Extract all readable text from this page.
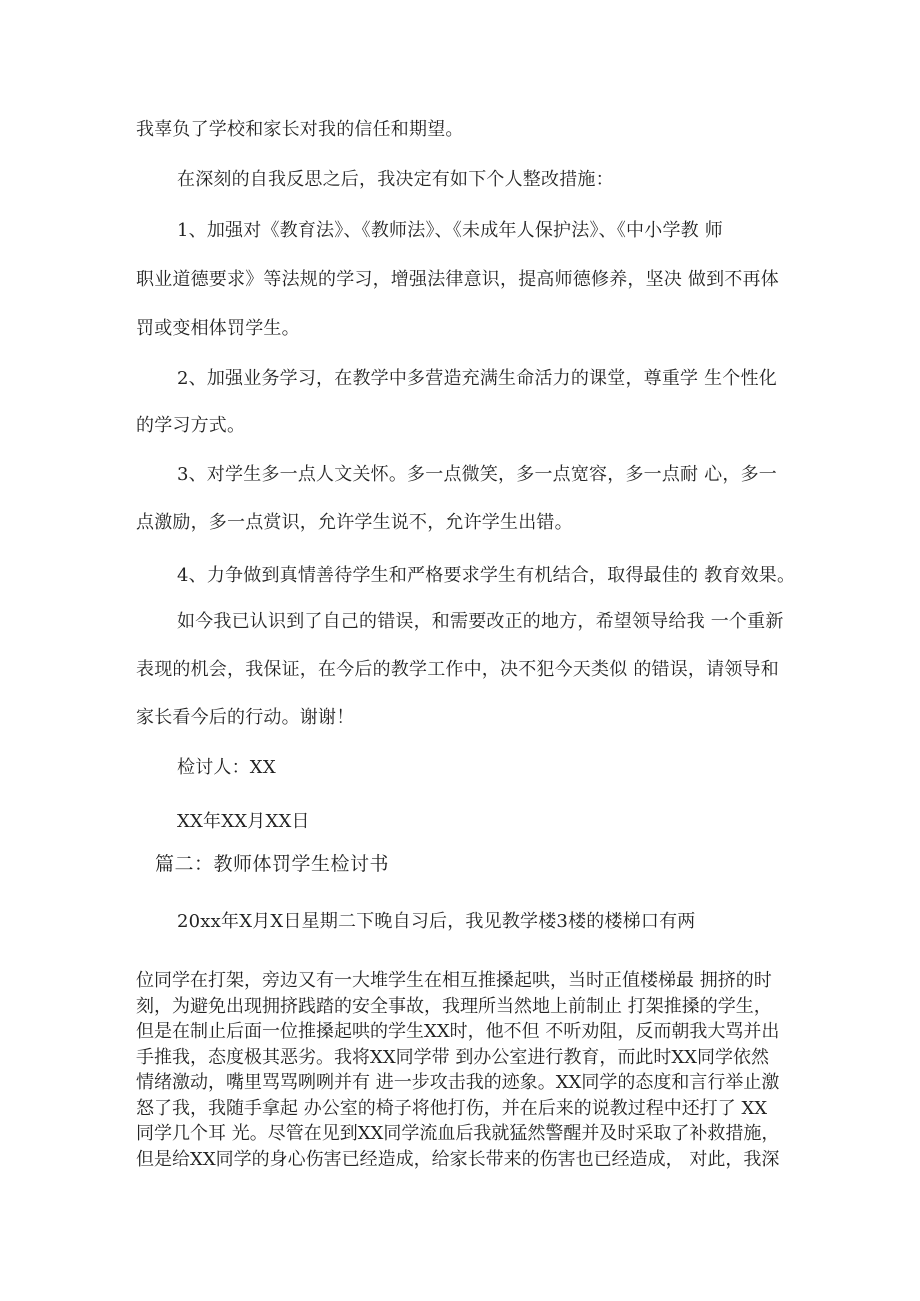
我辜负了学校和家长对我的信任和期望。
在深刻的自我反思之后，我决定有如下个人整改措施：
1、加强对《教育法》、《教师法》、《未成年人保护法》、《中小学教 师
职业道德要求》等法规的学习，增强法律意识，提高师德修养，坚决 做到不再体
罚或变相体罚学生。
2、加强业务学习，在教学中多营造充满生命活力的课堂，尊重学 生个性化
的学习方式。
3、对学生多一点人文关怀。多一点微笑，多一点宽容，多一点耐 心，多一
点激励，多一点赏识，允许学生说不，允许学生出错。
4、力争做到真情善待学生和严格要求学生有机结合，取得最佳的 教育效果。
如今我已认识到了自己的错误，和需要改正的地方，希望领导给我 一个重新
表现的机会，我保证，在今后的教学工作中，决不犯今天类似 的错误，请领导和
家长看今后的行动。谢谢！
检讨人：XX
XX年XX月XX日
篇二：教师体罚学生检讨书
20xx年X月X日星期二下晚自习后，我见教学楼3楼的楼梯口有两
位同学在打架，旁边又有一大堆学生在相互推搡起哄，当时正值楼梯最 拥挤的时
刻，为避免出现拥挤践踏的安全事故，我理所当然地上前制止 打架推搡的学生，
但是在制止后面一位推搡起哄的学生XX时，他不但 不听劝阻，反而朝我大骂并出
手推我，态度极其恶劣。我将XX同学带 到办公室进行教育，而此时XX同学依然
情绪激动，嘴里骂骂咧咧并有 进一步攻击我的迹象。XX同学的态度和言行举止激
怒了我，我随手拿起 办公室的椅子将他打伤，并在后来的说教过程中还打了 XX
同学几个耳 光。尽管在见到XX同学流血后我就猛然警醒并及时采取了补救措施，
但是给XX同学的身心伤害已经造成，给家长带来的伤害也已经造成， 对此，我深
